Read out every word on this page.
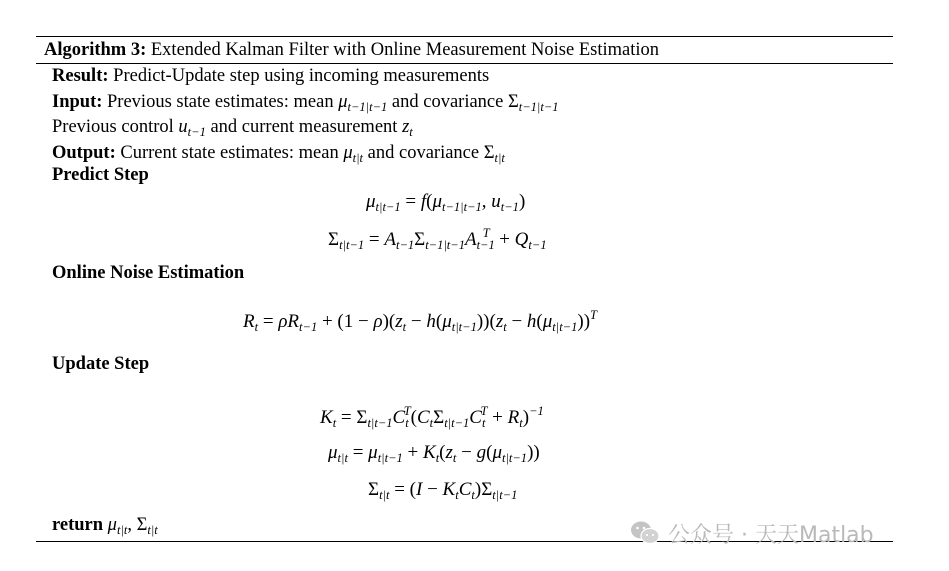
Algorithm 3: Extended Kalman Filter with Online Measurement Noise Estimation
Result: Predict-Update step using incoming measurements
Input: Previous state estimates: mean $\mu_{t-1|t-1}$ and covariance $\Sigma_{t-1|t-1}$
Previous control $u_{t-1}$ and current measurement $z_t$
Output: Current state estimates: mean $\mu_{t|t}$ and covariance $\Sigma_{t|t}$
Predict Step
$\mu_{t|t-1} = f(\mu_{t-1|t-1}$, $u_{t-1}$)
$\Sigma_{t|t-1} = A_{t-1}\Sigma_{t-1|t-1}A_{t-1}^T + Q_{t-1}$
Online Noise Estimation
$R_t = \rho R_{t-1} + (1 - \rho)(z_t - h(\mu_{t|t-1}))(z_t - h(\mu_{t|t-1}))^T$
Update Step
$K_t = \Sigma_{t|t-1}C_t^T(C_t\Sigma_{t|t-1}C_t^T + R_t)^{-1}$
$\mu_{t|t} = \mu_{t|t-1} + K_t(z_t - g(\mu_{t|t-1}))$
$\Sigma_{t|t} = (I - K_tC_t)\Sigma_{t|t-1}$
return $\mu_{t|t}$, $\Sigma_{t|t}$	公众号 · 天天Matlab
